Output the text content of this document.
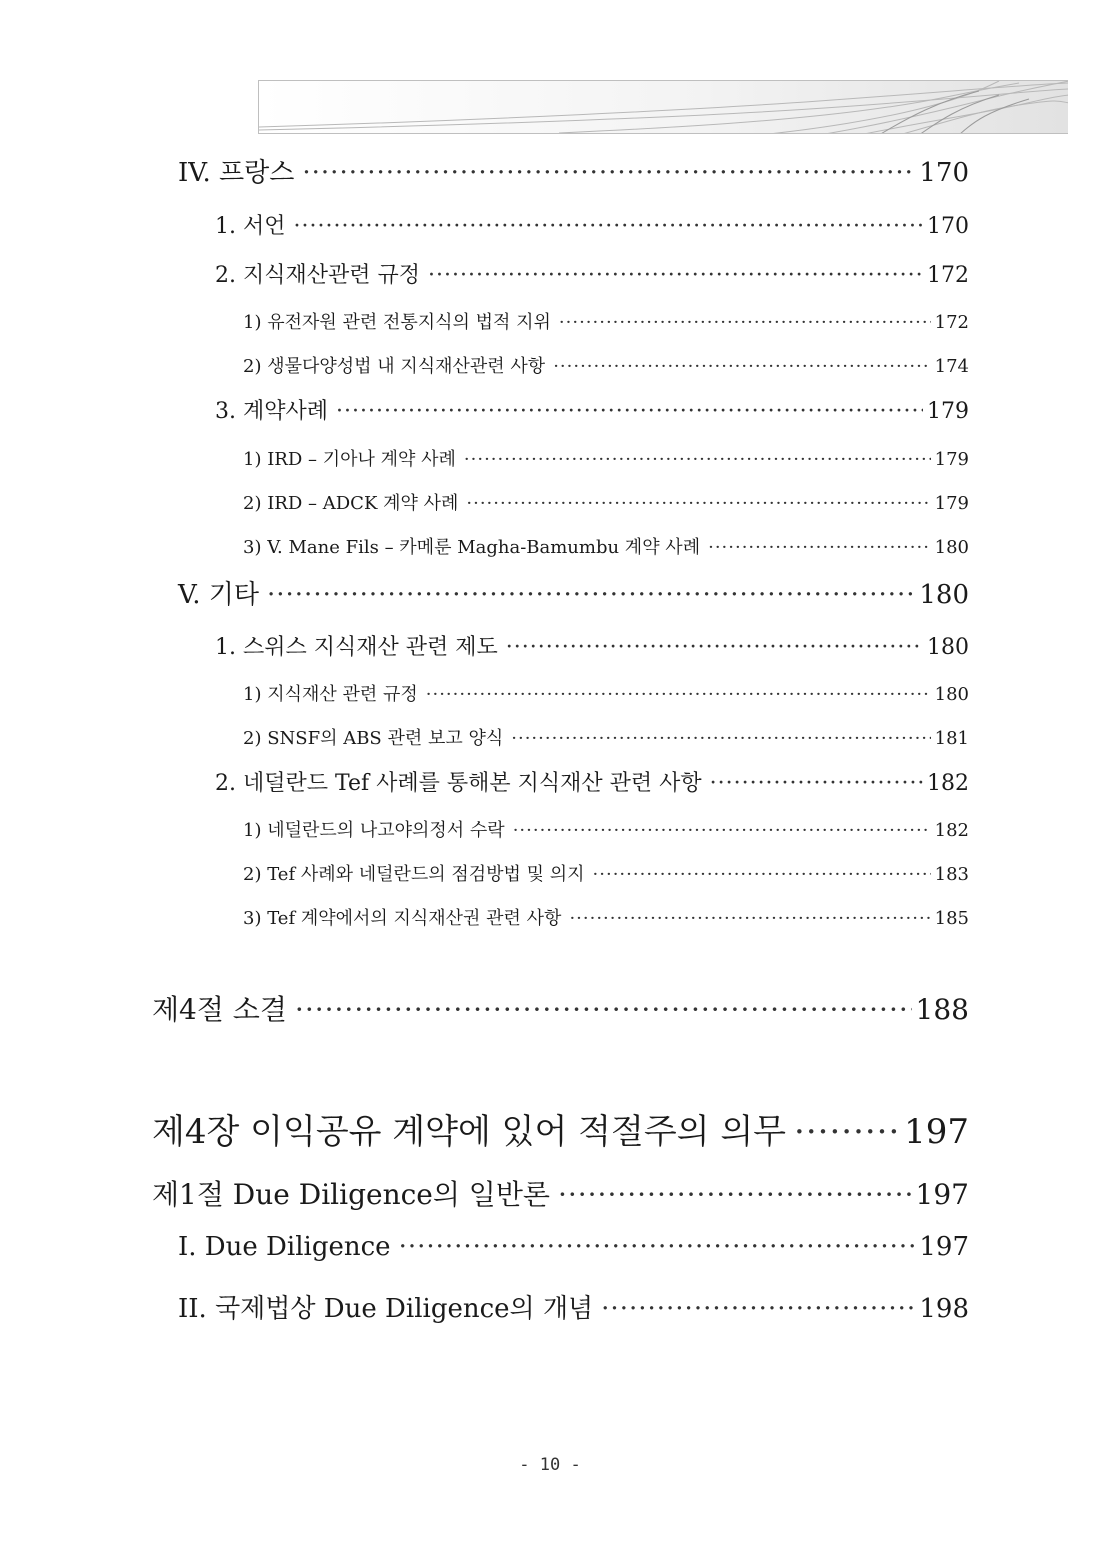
IV. 프랑스 ·····	170
1. 서언 ·····	170
2. 지식재산관련 규정 ·····	172
1) 유전자원 관련 전통지식의 법적 지위 ·····	172
2) 생물다양성법 내 지식재산관련 사항 ·····	174
3. 계약사례 ·····	179
1) IRD – 기아나 계약 사례 ·····	179
2) IRD – ADCK 계약 사례 ·····	179
3) V. Mane Fils – 카메룬 Magha-Bamumbu 계약 사례 ·····	180
V. 기타 ·····	180
1. 스위스 지식재산 관련 제도 ·····	180
1) 지식재산 관련 규정 ·····	180
2) SNSF의 ABS 관련 보고 양식 ·····	181
2. 네덜란드 Tef 사례를 통해본 지식재산 관련 사항 ·····	182
1) 네덜란드의 나고야의정서 수락 ·····	182
2) Tef 사례와 네덜란드의 점검방법 및 의지 ·····	183
3) Tef 계약에서의 지식재산권 관련 사항 ·····	185
제4절 소결 ·····	188
제4장 이익공유 계약에 있어 적절주의 의무 ·····	197
제1절 Due Diligence의 일반론 ·····	197
I. Due Diligence ·····	197
II. 국제법상 Due Diligence의 개념 ·····	198
- 10 -
